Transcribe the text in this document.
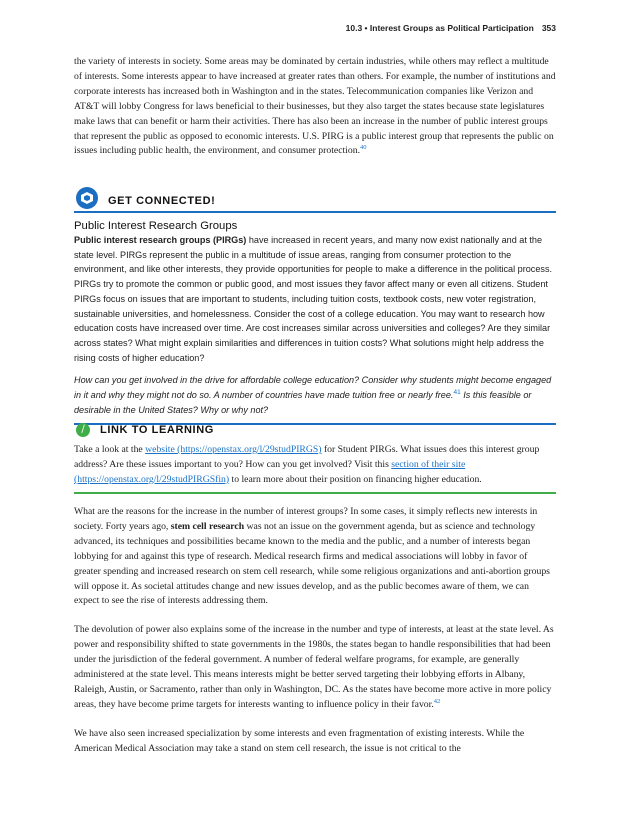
10.3 • Interest Groups as Political Participation 353

the variety of interests in society. Some areas may be dominated by certain industries, while others may reflect a multitude of interests. Some interests appear to have increased at greater rates than others. For example, the number of institutions and corporate interests has increased both in Washington and in the states. Telecommunication companies like Verizon and AT&T will lobby Congress for laws beneficial to their businesses, but they also target the states because state legislatures make laws that can benefit or harm their activities. There has also been an increase in the number of public interest groups that represent the public as opposed to economic interests. U.S. PIRG is a public interest group that represents the public on issues including public health, the environment, and consumer protection.$^{40}$

GET CONNECTED!
Public Interest Research Groups

Public interest research groups (PIRGs) have increased in recent years, and many now exist nationally and at the state level. PIRGs represent the public in a multitude of issue areas, ranging from consumer protection to the environment, and like other interests, they provide opportunities for people to make a difference in the political process. PIRGs try to promote the common or public good, and most issues they favor affect many or even all citizens. Student PIRGs focus on issues that are important to students, including tuition costs, textbook costs, new voter registration, sustainable universities, and homelessness. Consider the cost of a college education. You may want to research how education costs have increased over time. Are cost increases similar across universities and colleges? Are they similar across states? What might explain similarities and differences in tuition costs? What solutions might help address the rising costs of higher education?

How can you get involved in the drive for affordable college education? Consider why students might become engaged in it and why they might not do so. A number of countries have made tuition free or nearly free.$^{41}$ Is this feasible or desirable in the United States? Why or why not?

∕	LINK TO LEARNING

Take a look at the website (https://openstax.org/l/29studPIRGS) for Student PIRGs. What issues does this interest group address? Are these issues important to you? How can you get involved? Visit this section of their site (https://openstax.org/l/29studPIRGSfin) to learn more about their position on financing higher education.

What are the reasons for the increase in the number of interest groups? In some cases, it simply reflects new interests in society. Forty years ago, stem cell research was not an issue on the government agenda, but as science and technology advanced, its techniques and possibilities became known to the media and the public, and a number of interests began lobbying for and against this type of research. Medical research firms and medical associations will lobby in favor of greater spending and increased research on stem cell research, while some religious organizations and anti-abortion groups will oppose it. As societal attitudes change and new issues develop, and as the public becomes aware of them, we can expect to see the rise of interests addressing them.

The devolution of power also explains some of the increase in the number and type of interests, at least at the state level. As power and responsibility shifted to state governments in the 1980s, the states began to handle responsibilities that had been under the jurisdiction of the federal government. A number of federal welfare programs, for example, are generally administered at the state level. This means interests might be better served targeting their lobbying efforts in Albany, Raleigh, Austin, or Sacramento, rather than only in Washington, DC. As the states have become more active in more policy areas, they have become prime targets for interests wanting to influence policy in their favor.$^{42}$

We have also seen increased specialization by some interests and even fragmentation of existing interests. While the American Medical Association may take a stand on stem cell research, the issue is not critical to the
